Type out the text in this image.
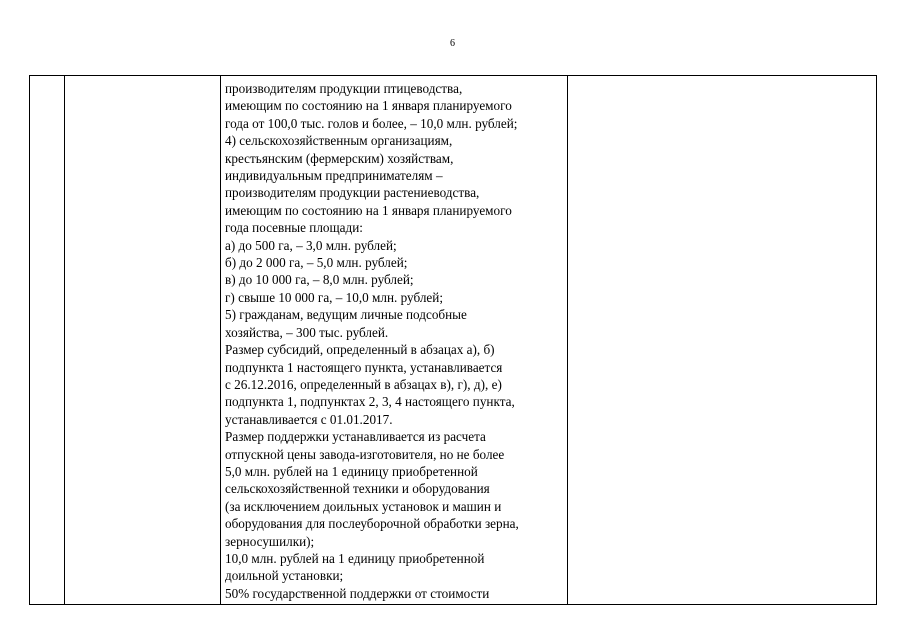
6

производителям продукции птицеводства,
имеющим по состоянию на 1 января планируемого
года от 100,0 тыс. голов и более, – 10,0 млн. рублей;
4) сельскохозяйственным организациям,
крестьянским (фермерским) хозяйствам,
индивидуальным предпринимателям –
производителям продукции растениеводства,
имеющим по состоянию на 1 января планируемого
года посевные площади:
а) до 500 га, – 3,0 млн. рублей;
б) до 2 000 га, – 5,0 млн. рублей;
в) до 10 000 га, – 8,0 млн. рублей;
г) свыше 10 000 га, – 10,0 млн. рублей;
5) гражданам, ведущим личные подсобные
хозяйства, – 300 тыс. рублей.
Размер субсидий, определенный в абзацах а), б)
подпункта 1 настоящего пункта, устанавливается
с 26.12.2016, определенный в абзацах в), г), д), е)
подпункта 1, подпунктах 2, 3, 4 настоящего пункта,
устанавливается с 01.01.2017.
Размер поддержки устанавливается из расчета
отпускной цены завода-изготовителя, но не более
5,0 млн. рублей на 1 единицу приобретенной
сельскохозяйственной техники и оборудования
(за исключением доильных установок и машин и
оборудования для послеуборочной обработки зерна,
зерносушилки);
10,0 млн. рублей на 1 единицу приобретенной
доильной установки;
50% государственной поддержки от стоимости
